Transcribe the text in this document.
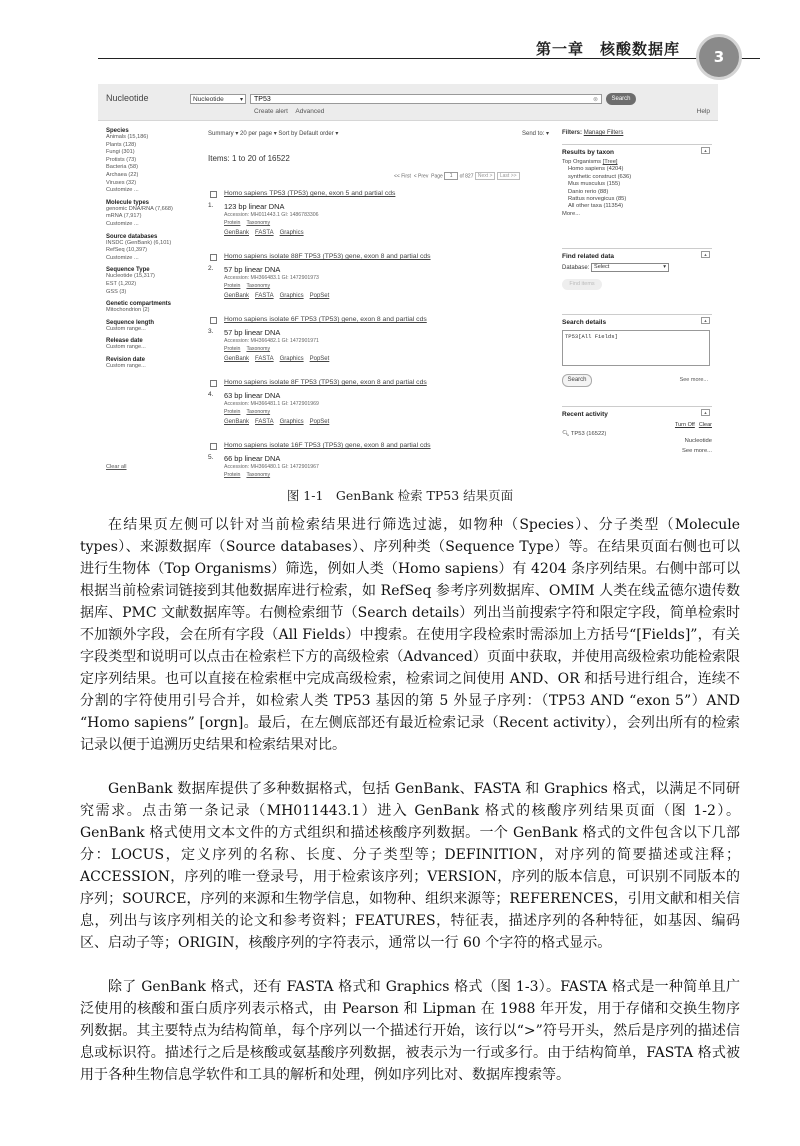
第一章　核酸数据库	3
Nucleotide	Nucleotide	▾	TP53	⊗	Search
Create alert Advanced	Help
Species
Animals (15,186)
Plants (128)
Fungi (301)
Protists (73)
Bacteria (58)
Archaea (22)
Viruses (32)
Customize ...
Molecule types
genomic DNA/RNA (7,668)
mRNA (7,917)
Customize ...
Source databases
INSDC (GenBank) (6,101)
RefSeq (10,397)
Customize ...
Sequence Type
Nucleotide (15,317)
EST (1,202)
GSS (3)
Genetic compartments
Mitochondrion (2)
Sequence length
Custom range...
Release date
Custom range...
Revision date
Custom range...
Clear all
Summary ▾ 20 per page ▾ Sort by Default order ▾	Send to: ▾
Items: 1 to 20 of 16522
<< First < Prev Page 1 of 827 Next > Last >>
1.
Homo sapiens TP53 (TP53) gene, exon 5 and partial cds
123 bp linear DNA
Accession: MH011443.1 GI: 1486783306
Protein Taxonomy
GenBank FASTA Graphics
2.
Homo sapiens isolate 88F TP53 (TP53) gene, exon 8 and partial cds
57 bp linear DNA
Accession: MH366483.1 GI: 1472901973
Protein Taxonomy
GenBank FASTA Graphics PopSet
3.
Homo sapiens isolate 6F TP53 (TP53) gene, exon 8 and partial cds
57 bp linear DNA
Accession: MH366482.1 GI: 1472901971
Protein Taxonomy
GenBank FASTA Graphics PopSet
4.
Homo sapiens isolate 8F TP53 (TP53) gene, exon 8 and partial cds
63 bp linear DNA
Accession: MH366481.1 GI: 1472901969
Protein Taxonomy
GenBank FASTA Graphics PopSet
5.
Homo sapiens isolate 16F TP53 (TP53) gene, exon 8 and partial cds
66 bp linear DNA
Accession: MH366480.1 GI: 1472901967
Protein Taxonomy
Filters: Manage Filters
▲
Results by taxon
Top Organisms [Tree]
Homo sapiens (4204)
synthetic construct (636)
Mus musculus (155)
Danio rerio (88)
Rattus norvegicus (85)
All other taxa (11354)
More...
▲
Find related data
Database: Select	▾
Find items
▲
Search details
TP53[All Fields]
Search	See more...
▲
Recent activity
Turn Off Clear
🔍︎ TP53 (16522)
Nucleotide
See more...
图 1-1　GenBank 检索 TP53 结果页面
在结果页左侧可以针对当前检索结果进行筛选过滤，如物种（Species）、分子类型（Molecule types）、来源数据库（Source databases）、序列种类（Sequence Type）等。在结果页面右侧也可以进行生物体（Top Organisms）筛选，例如人类（Homo sapiens）有 4204 条序列结果。右侧中部可以根据当前检索词链接到其他数据库进行检索，如 RefSeq 参考序列数据库、OMIM 人类在线孟德尔遗传数据库、PMC 文献数据库等。右侧检索细节（Search details）列出当前搜索字符和限定字段，简单检索时不加额外字段，会在所有字段（All Fields）中搜索。在使用字段检索时需添加上方括号“[Fields]”，有关字段类型和说明可以点击在检索栏下方的高级检索（Advanced）页面中获取，并使用高级检索功能检索限定序列结果。也可以直接在检索框中完成高级检索，检索词之间使用 AND、OR 和括号进行组合，连续不分割的字符使用引号合并，如检索人类 TP53 基因的第 5 外显子序列：（TP53 AND “exon 5”）AND “Homo sapiens” [orgn]。最后，在左侧底部还有最近检索记录（Recent activity），会列出所有的检索记录以便于追溯历史结果和检索结果对比。
GenBank 数据库提供了多种数据格式，包括 GenBank、FASTA 和 Graphics 格式，以满足不同研究需求。点击第一条记录（MH011443.1）进入 GenBank 格式的核酸序列结果页面（图 1-2）。GenBank 格式使用文本文件的方式组织和描述核酸序列数据。一个 GenBank 格式的文件包含以下几部分：LOCUS，定义序列的名称、长度、分子类型等；DEFINITION，对序列的简要描述或注释；ACCESSION，序列的唯一登录号，用于检索该序列；VERSION，序列的版本信息，可识别不同版本的序列；SOURCE，序列的来源和生物学信息，如物种、组织来源等；REFERENCES，引用文献和相关信息，列出与该序列相关的论文和参考资料；FEATURES，特征表，描述序列的各种特征，如基因、编码区、启动子等；ORIGIN，核酸序列的字符表示，通常以一行 60 个字符的格式显示。
除了 GenBank 格式，还有 FASTA 格式和 Graphics 格式（图 1-3）。FASTA 格式是一种简单且广泛使用的核酸和蛋白质序列表示格式，由 Pearson 和 Lipman 在 1988 年开发，用于存储和交换生物序列数据。其主要特点为结构简单，每个序列以一个描述行开始，该行以“>”符号开头，然后是序列的描述信息或标识符。描述行之后是核酸或氨基酸序列数据，被表示为一行或多行。由于结构简单，FASTA 格式被用于各种生物信息学软件和工具的解析和处理，例如序列比对、数据库搜索等。
